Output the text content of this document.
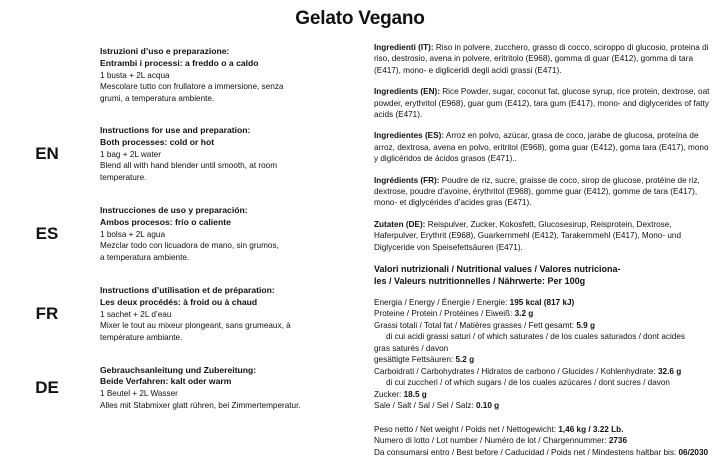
Gelato Vegano
Istruzioni d’uso e preparazione:
Entrambi i processi: a freddo o a caldo
1 busta + 2L acqua
Mescolare tutto con frullatore a immersione, senza
grumi, a temperatura ambiente.
EN
Instructions for use and preparation:
Both processes: cold or hot
1 bag + 2L water
Blend all with hand blender until smooth, at room
temperature.
ES
Instrucciones de uso y preparación:
Ambos procesos: frío o caliente
1 bolsa + 2L agua
Mezclar todo con licuadora de mano, sin grumos,
a temperatura ambiente.
FR
Instructions d’utilisation et de préparation:
Les deux procédés: à froid ou à chaud
1 sachet + 2L d’eau
Mixer le tout au mixeur plongeant, sans grumeaux, à
température ambiante.
DE
Gebrauchsanleitung und Zubereitung:
Beide Verfahren: kalt oder warm
1 Beutel + 2L Wasser
Alles mit Stabmixer glatt rühren, bei Zimmertemperatur.
Ingredienti (IT): Riso in polvere, zucchero, grasso di cocco, sciroppo di glucosio, proteina di riso, destrosio, avena in polvere, eritritolo (E968), gomma di guar (E412), gomma di tara (E417), mono- e digliceridi degli acidi grassi (E471).
Ingredients (EN): Rice Powder, sugar, coconut fat, glucose syrup, rice protein, dextrose, oat powder, erythritol (E968), guar gum (E412), tara gum (E417), mono- and diglycerides of fatty acids (E471).
Ingredientes (ES): Arroz en polvo, azúcar, grasa de coco, jarabe de glucosa, proteína de arroz, dextrosa, avena en polvo, eritritol (E968), goma guar (E412), goma tara (E417), mono y diglicéridos de ácidos grasos (E471)..
Ingrédients (FR): Poudre de riz, sucre, graisse de coco, sirop de glucose, protéine de riz, dextrose, poudre d’avoine, érythritol (E968), gomme guar (E412), gomme de tara (E417), mono- et diglycérides d’acides gras (E471).
Zutaten (DE): Reispulver, Zucker, Kokosfett, Glucosesirup, Reisprotein, Dextrose, Haferpulver, Erythrit (E968), Guarkernmehl (E412), Tarakernmehl (E417), Mono- und Diglyceride von Speisefettsäuren (E471).
Valori nutrizionali / Nutritional values / Valores nutriciona-
les / Valeurs nutritionnelles / Nährwerte: Per 100g
Energia / Energy / Énergie / Energie: 195 kcal (817 kJ)
Proteine / Protein / Protéines / Eiweiß: 3.2 g
Grassi totali / Total fat / Matières grasses / Fett gesamt: 5.9 g
di cui acidi grassi saturi / of which saturates / de los cuales saturados / dont acides
gras saturés / davon
gesättigte Fettsäuren: 5.2 g
Carboidrati / Carbohydrates / Hidratos de carbono / Glucides / Kohlenhydrate: 32.6 g
di cui zuccheri / of which sugars / de los cuales azúcares / dont sucres / davon
Zucker: 18.5 g
Sale / Salt / Sal / Sel / Salz: 0.10 g
Peso netto / Net weight / Poids net / Nettogewicht: 1,46 kg / 3.22 Lb.
Numero di lotto / Lot number / Numéro de lot / Chargennummer: 2736
Da consumarsi entro / Best before / Caducidad / Poids net / Mindestens haltbar bis: 06/2030
